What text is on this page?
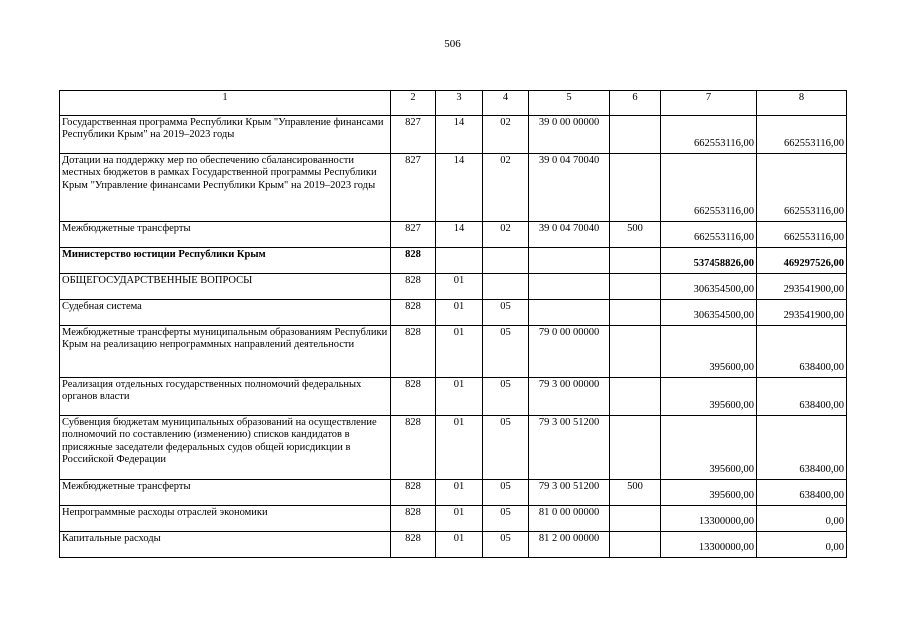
506
1	2	3	4	5	6	7	8
Государственная программа Республики Крым "Управление финансами Республики Крым" на 2019–2023 годы	827	14	02	39 0 00 00000		662553116,00	662553116,00
Дотации на поддержку мер по обеспечению сбалансированности местных бюджетов в рамках Государственной программы Республики Крым "Управление финансами Республики Крым" на 2019–2023 годы	827	14	02	39 0 04 70040		662553116,00	662553116,00
Межбюджетные трансферты	827	14	02	39 0 04 70040	500	662553116,00	662553116,00
Министерство юстиции Республики Крым	828					537458826,00	469297526,00
ОБЩЕГОСУДАРСТВЕННЫЕ ВОПРОСЫ	828	01				306354500,00	293541900,00
Судебная система	828	01	05			306354500,00	293541900,00
Межбюджетные трансферты муниципальным образованиям Республики Крым на реализацию непрограммных направлений деятельности	828	01	05	79 0 00 00000		395600,00	638400,00
Реализация отдельных государственных полномочий федеральных органов власти	828	01	05	79 3 00 00000		395600,00	638400,00
Субвенция бюджетам муниципальных образований на осуществление полномочий по составлению (изменению) списков кандидатов в присяжные заседатели федеральных судов общей юрисдикции в Российской Федерации	828	01	05	79 3 00 51200		395600,00	638400,00
Межбюджетные трансферты	828	01	05	79 3 00 51200	500	395600,00	638400,00
Непрограммные расходы отраслей экономики	828	01	05	81 0 00 00000		13300000,00	0,00
Капитальные расходы	828	01	05	81 2 00 00000		13300000,00	0,00
